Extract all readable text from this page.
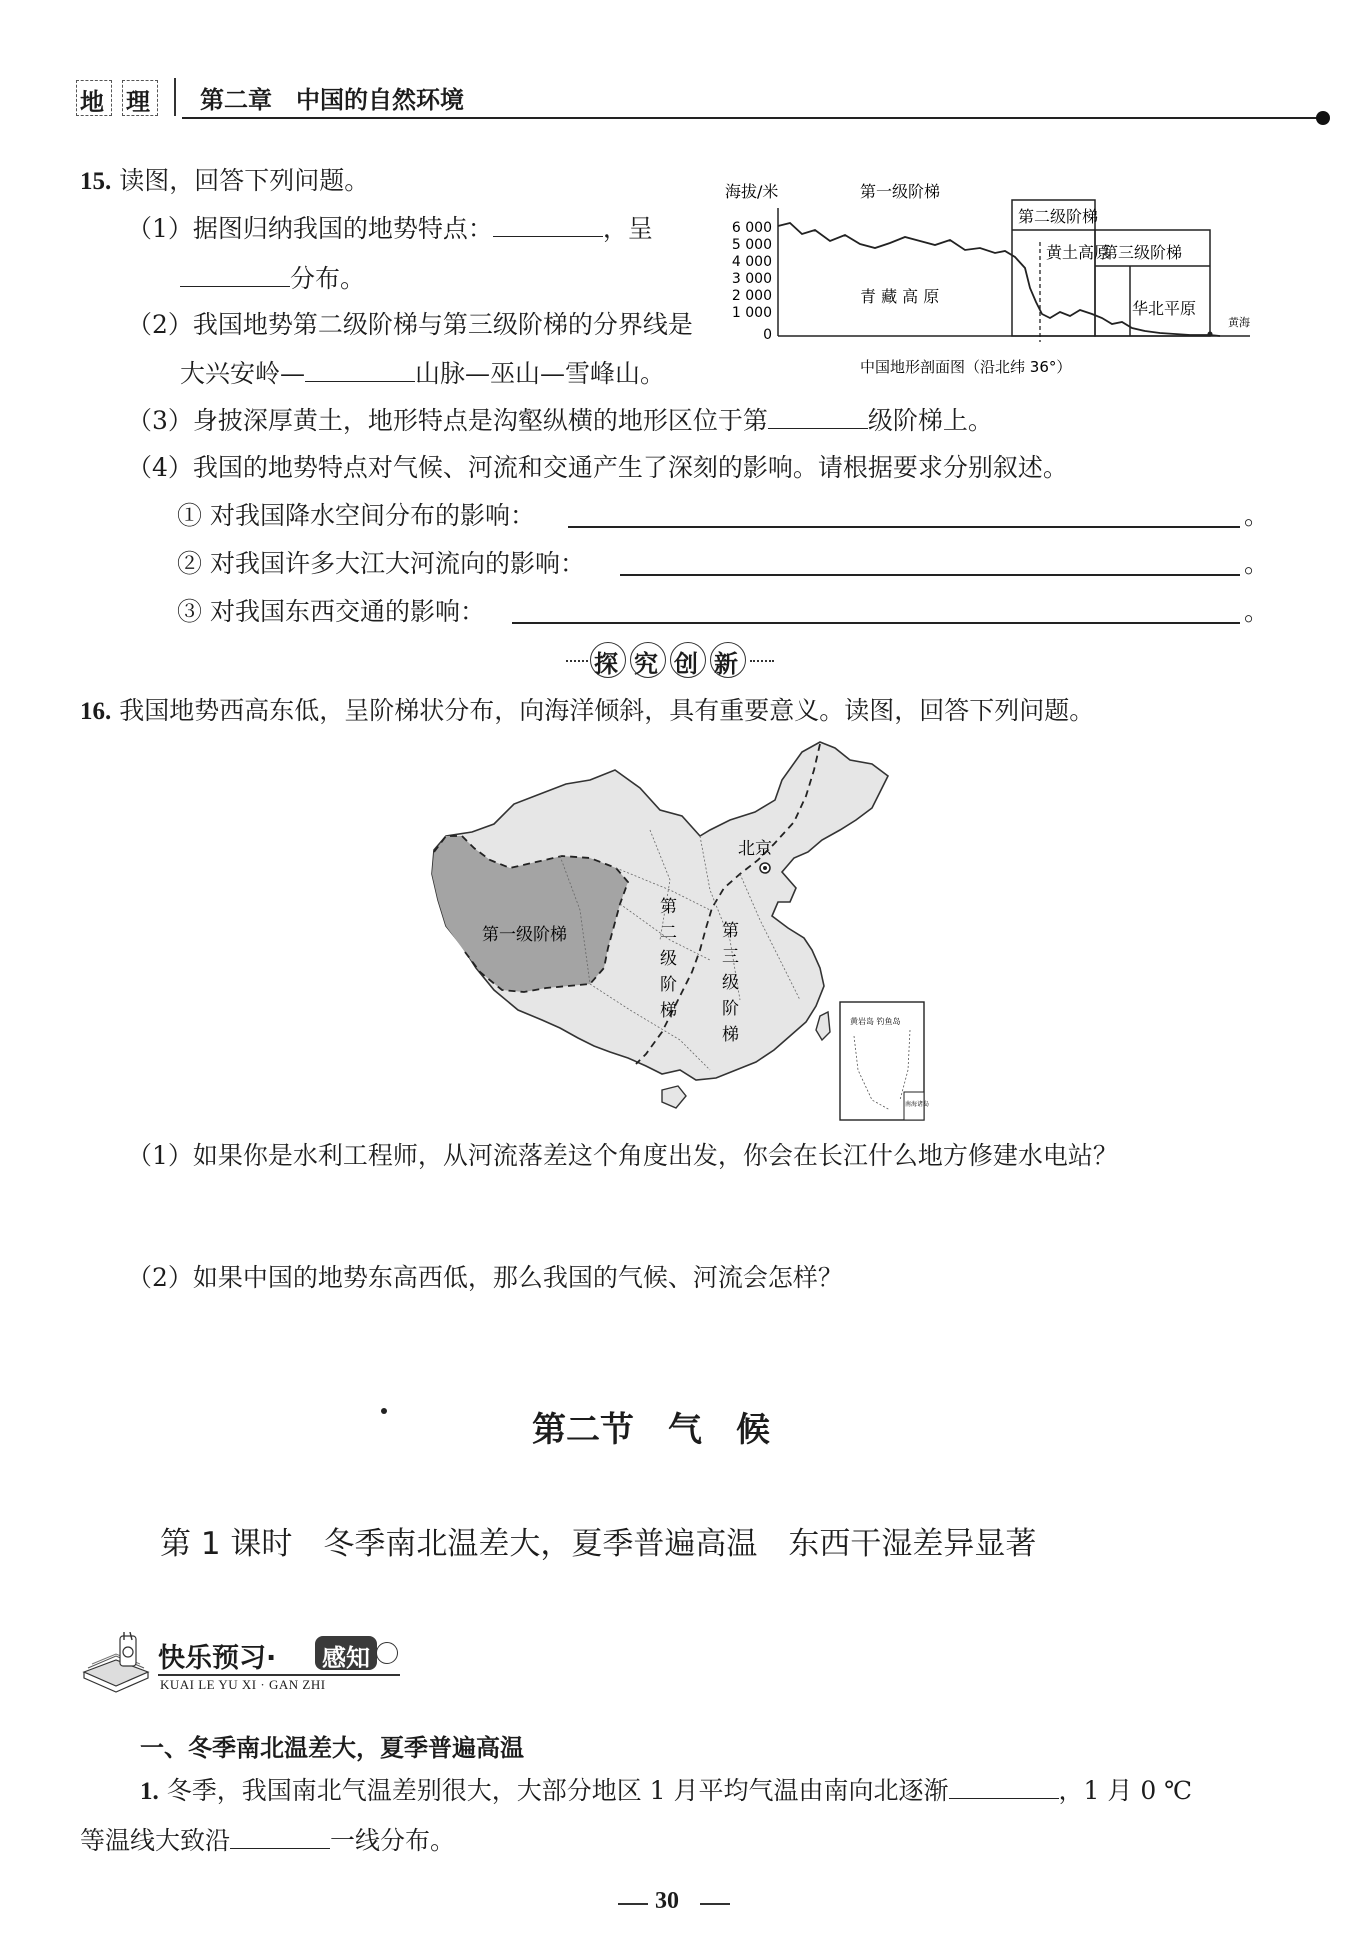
地 理 第二章　中国的自然环境
15. 读图，回答下列问题。
（1）据图归纳我国的地势特点：	，呈
分布。
（2）我国地势第二级阶梯与第三级阶梯的分界线是
大兴安岭—	山脉—巫山—雪峰山。
（3）身披深厚黄土，地形特点是沟壑纵横的地形区位于第	级阶梯上。
（4）我国的地势特点对气候、河流和交通产生了深刻的影响。请根据要求分别叙述。
① 对我国降水空间分布的影响：	。
② 对我国许多大江大河流向的影响：	。
③ 对我国东西交通的影响：	。
海拔/米	第一级阶梯
6 000
5 000
4 000
3 000
2 000
1 000
0
第二级阶梯
黄土高原
第三级阶梯
华北平原
青 藏 高 原
黄海
中国地形剖面图（沿北纬 36°）
探 究 创 新
16. 我国地势西高东低，呈阶梯状分布，向海洋倾斜，具有重要意义。读图，回答下列问题。
北京
第一级阶梯
第
二
级
阶
梯
第
三
级
阶
梯
黄岩岛 钓鱼岛
南海诸岛
（1）如果你是水利工程师，从河流落差这个角度出发，你会在长江什么地方修建水电站？
（2）如果中国的地势东高西低，那么我国的气候、河流会怎样？
第二节　气　候
第 1 课时　冬季南北温差大，夏季普遍高温　东西干湿差异显著
快乐预习· 感知
KUAI LE YU XI · GAN ZHI
一、冬季南北温差大，夏季普遍高温
1. 冬季，我国南北气温差别很大，大部分地区 1 月平均气温由南向北逐渐	，1 月 0 ℃
等温线大致沿	一线分布。
30
